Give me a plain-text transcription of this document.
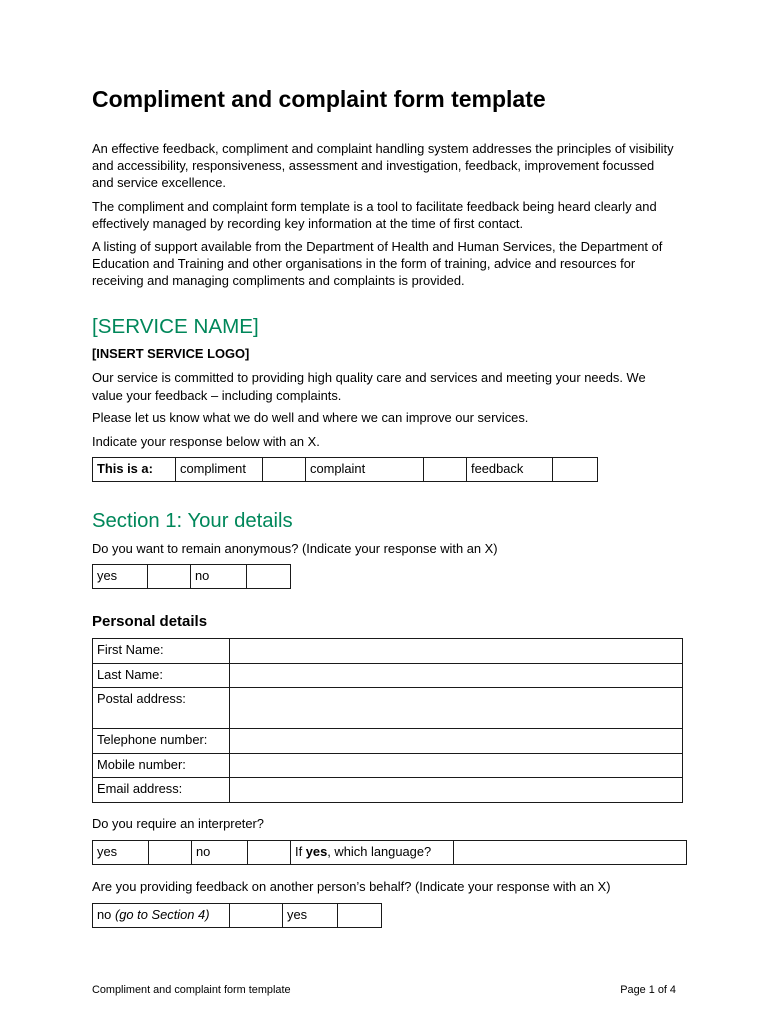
Compliment and complaint form template
An effective feedback, compliment and complaint handling system addresses the principles of visibility
and accessibility, responsiveness, assessment and investigation, feedback, improvement focussed
and service excellence.
The compliment and complaint form template is a tool to facilitate feedback being heard clearly and
effectively managed by recording key information at the time of first contact.
A listing of support available from the Department of Health and Human Services, the Department of
Education and Training and other organisations in the form of training, advice and resources for
receiving and managing compliments and complaints is provided.
[SERVICE NAME]
[INSERT SERVICE LOGO]
Our service is committed to providing high quality care and services and meeting your needs. We
value your feedback – including complaints.
Please let us know what we do well and where we can improve our services.
Indicate your response below with an X.
This is a:	compliment		complaint		feedback	
Section 1: Your details
Do you want to remain anonymous? (Indicate your response with an X)
yes		no	
Personal details
First Name:	
Last Name:	
Postal address:	
Telephone number:	
Mobile number:	
Email address:	
Do you require an interpreter?
yes		no		If yes, which language?	
Are you providing feedback on another person’s behalf? (Indicate your response with an X)
no (go to Section 4)		yes	
Compliment and complaint form template	Page 1 of 4
